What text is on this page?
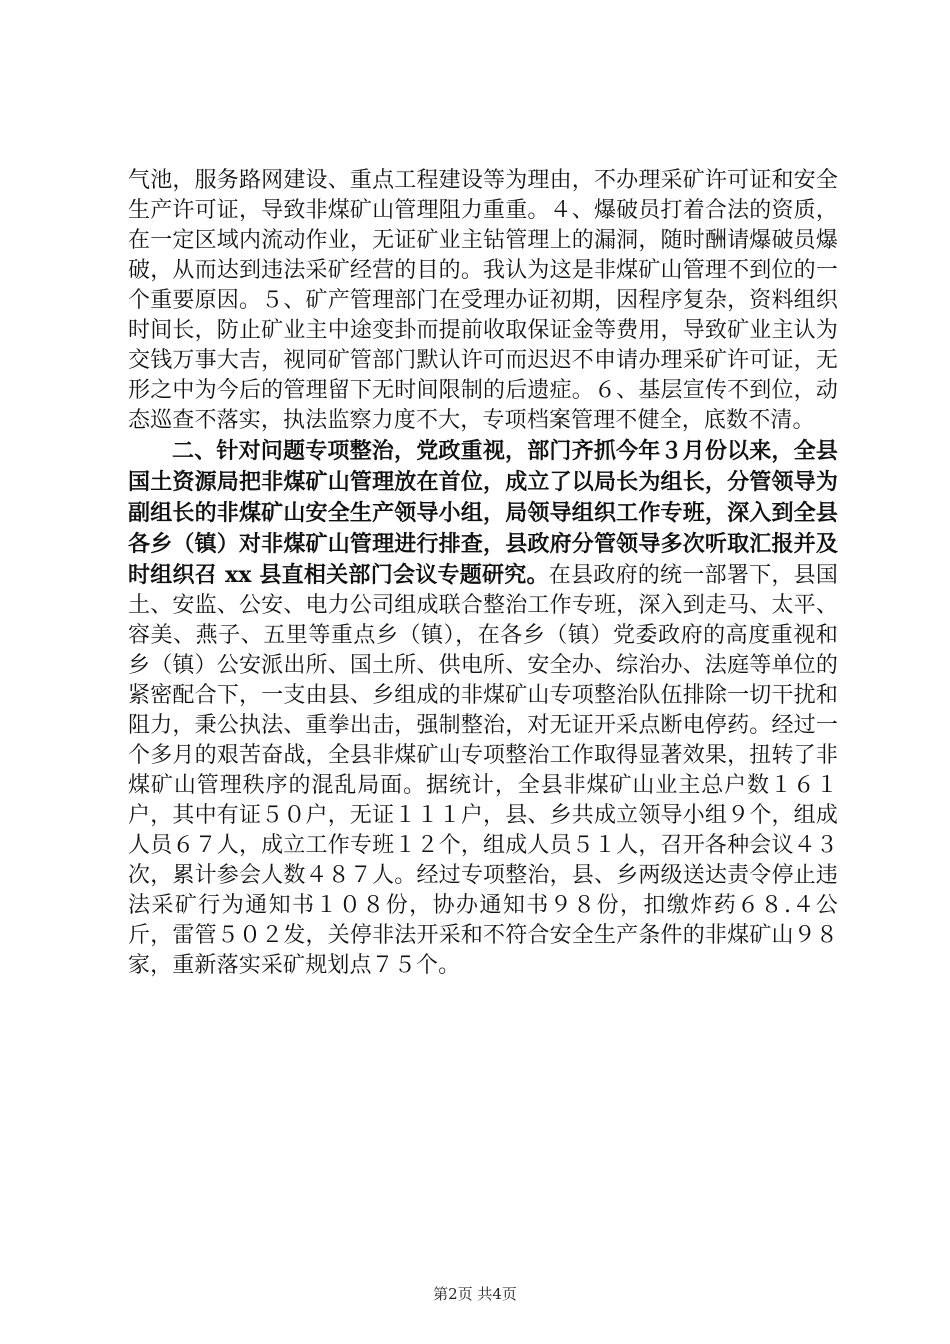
气池，服务路网建设、重点工程建设等为理由，不办理采矿许可证和安全生产许可证，导致非煤矿山管理阻力重重。４、爆破员打着合法的资质，在一定区域内流动作业，无证矿业主钻管理上的漏洞，随时酬请爆破员爆破，从而达到违法采矿经营的目的。我认为这是非煤矿山管理不到位的一个重要原因。５、矿产管理部门在受理办证初期，因程序复杂，资料组织时间长，防止矿业主中途变卦而提前收取保证金等费用，导致矿业主认为交钱万事大吉，视同矿管部门默认许可而迟迟不申请办理采矿许可证，无形之中为今后的管理留下无时间限制的后遗症。６、基层宣传不到位，动态巡查不落实，执法监察力度不大，专项档案管理不健全，底数不清。

二、针对问题专项整治，党政重视，部门齐抓今年３月份以来，全县国土资源局把非煤矿山管理放在首位，成立了以局长为组长，分管领导为副组长的非煤矿山安全生产领导小组，局领导组织工作专班，深入到全县各乡（镇）对非煤矿山管理进行排查，县政府分管领导多次听取汇报并及时组织召 xx 县直相关部门会议专题研究。在县政府的统一部署下，县国土、安监、公安、电力公司组成联合整治工作专班，深入到走马、太平、容美、燕子、五里等重点乡（镇），在各乡（镇）党委政府的高度重视和乡（镇）公安派出所、国土所、供电所、安全办、综治办、法庭等单位的紧密配合下，一支由县、乡组成的非煤矿山专项整治队伍排除一切干扰和阻力，秉公执法、重拳出击，强制整治，对无证开采点断电停药。经过一个多月的艰苦奋战，全县非煤矿山专项整治工作取得显著效果，扭转了非煤矿山管理秩序的混乱局面。据统计，全县非煤矿山业主总户数１６１户，其中有证５０户，无证１１１户，县、乡共成立领导小组９个，组成人员６７人，成立工作专班１２个，组成人员５１人，召开各种会议４３次，累计参会人数４８７人。经过专项整治，县、乡两级送达责令停止违法采矿行为通知书１０８份，协办通知书９８份，扣缴炸药６８.４公斤，雷管５０２发，关停非法开采和不符合安全生产条件的非煤矿山９８家，重新落实采矿规划点７５个。

第2页 共4页
